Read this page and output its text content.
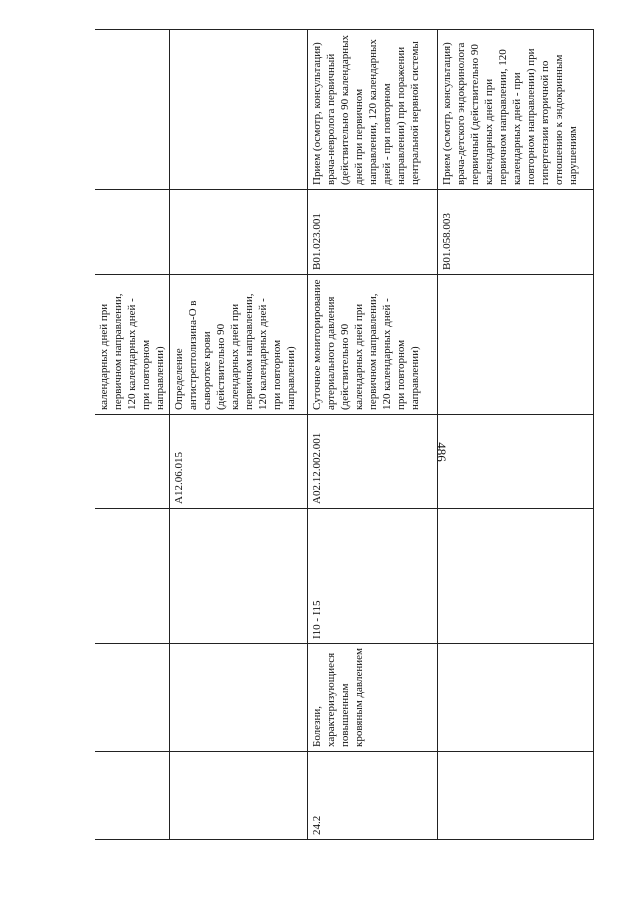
486
				календарных дней при первичном направлении, 120 календарных дней - при повторном направлении)		
			A12.06.015	Определение антистрептолизина-О в сыворотке крови (действительно 90 календарных дней при первичном направлении, 120 календарных дней - при повторном направлении)		
24.2	Болезни, характеризующиеся повышенным кровяным давлением	I10 - I15	A02.12.002.001	Суточное мониторирование артериального давления (действительно 90 календарных дней при первичном направлении, 120 календарных дней - при повторном направлении)	B01.023.001	Прием (осмотр, консультация) врача-невролога первичный (действительно 90 календарных дней при первичном направлении, 120 календарных дней - при повторном направлении) при поражении центральной нервной системы
					B01.058.003	Прием (осмотр, консультация) врача-детского эндокринолога первичный (действительно 90 календарных дней при первичном направлении, 120 календарных дней - при повторном направлении) при гипертензии вторичной по отношению к эндокринным нарушениям
